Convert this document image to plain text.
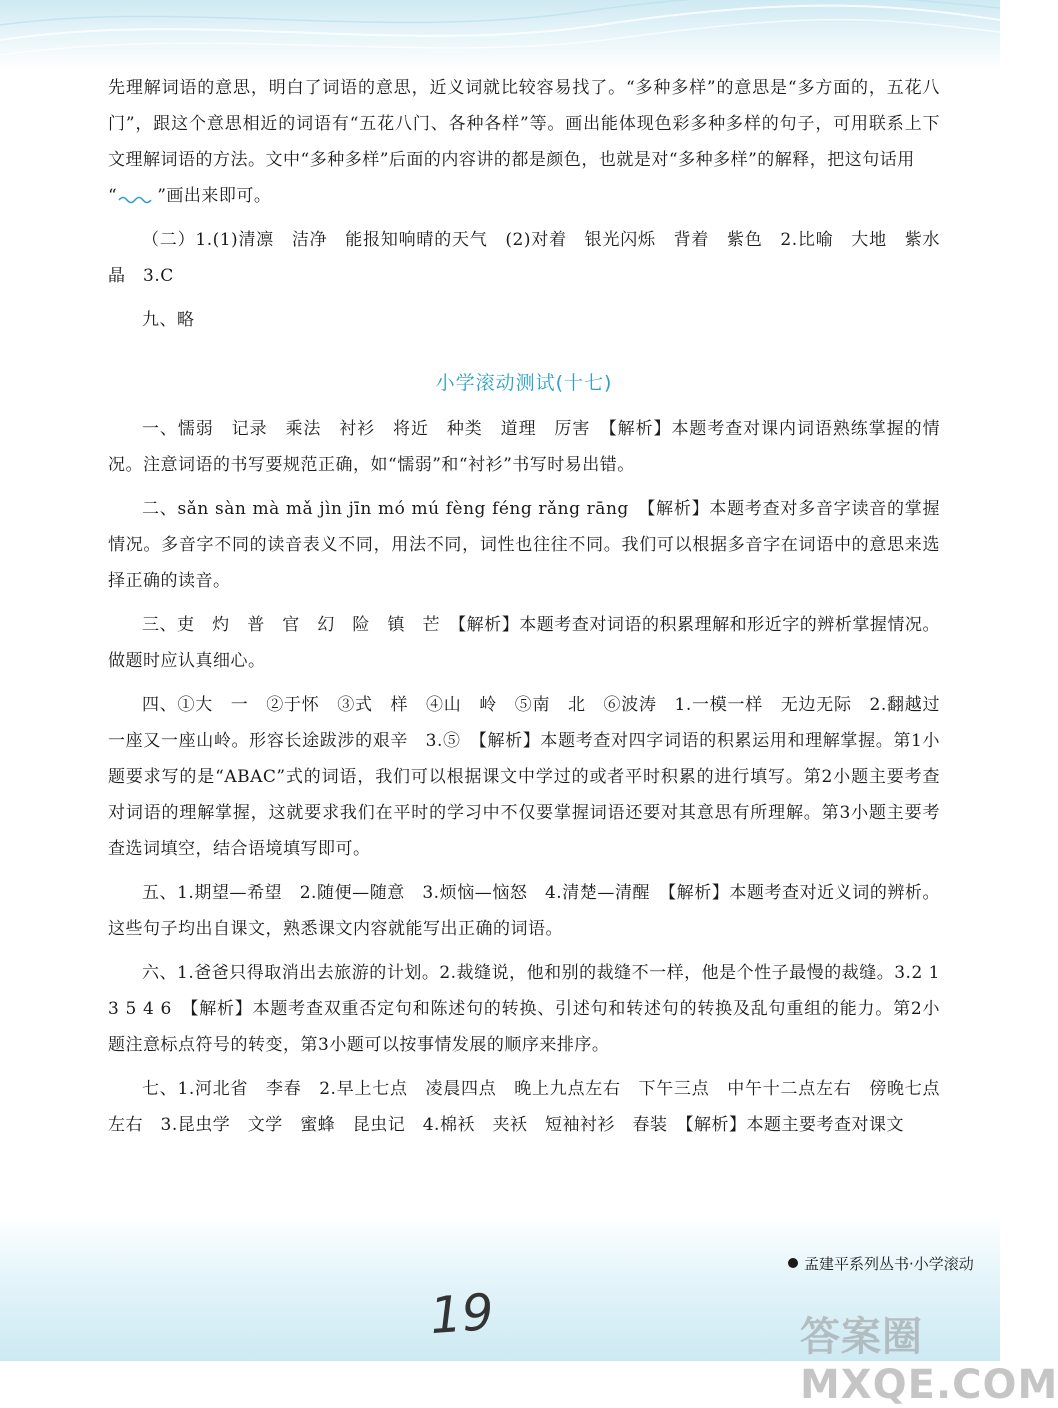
先理解词语的意思，明白了词语的意思，近义词就比较容易找了。“多种多样”的意思是“多方面的，五花八门”，跟这个意思相近的词语有“五花八门、各种各样”等。画出能体现色彩多种多样的句子，可用联系上下文理解词语的方法。文中“多种多样”后面的内容讲的都是颜色，也就是对“多种多样”的解释，把这句话用
“ ”画出来即可。

（二）1.(1)清凛　洁净　能报知响晴的天气　(2)对着　银光闪烁　背着　紫色　2.比喻　大地　紫水晶　3.C

九、略

小学滚动测试(十七)

一、懦弱　记录　乘法　衬衫　将近　种类　道理　厉害　【解析】本题考查对课内词语熟练掌握的情况。注意词语的书写要规范正确，如“懦弱”和“衬衫”书写时易出错。

二、sǎn sàn mà mǎ jìn jīn mó mú fèng féng rǎng rāng　【解析】本题考查对多音字读音的掌握情况。多音字不同的读音表义不同，用法不同，词性也往往不同。我们可以根据多音字在词语中的意思来选择正确的读音。

三、吏　灼　普　官　幻　险　镇　芒　【解析】本题考查对词语的积累理解和形近字的辨析掌握情况。做题时应认真细心。

四、①大　一　②于怀　③式　样　④山　岭　⑤南　北　⑥波涛　1.一模一样　无边无际　2.翻越过一座又一座山岭。形容长途跋涉的艰辛　3.⑤　【解析】本题考查对四字词语的积累运用和理解掌握。第1小题要求写的是“ABAC”式的词语，我们可以根据课文中学过的或者平时积累的进行填写。第2小题主要考查对词语的理解掌握，这就要求我们在平时的学习中不仅要掌握词语还要对其意思有所理解。第3小题主要考查选词填空，结合语境填写即可。

五、1.期望—希望　2.随便—随意　3.烦恼—恼怒　4.清楚—清醒　【解析】本题考查对近义词的辨析。这些句子均出自课文，熟悉课文内容就能写出正确的词语。

六、1.爸爸只得取消出去旅游的计划。2.裁缝说，他和别的裁缝不一样，他是个性子最慢的裁缝。3.2 1 3 5 4 6　【解析】本题考查双重否定句和陈述句的转换、引述句和转述句的转换及乱句重组的能力。第2小题注意标点符号的转变，第3小题可以按事情发展的顺序来排序。

七、1.河北省　李春　2.早上七点　凌晨四点　晚上九点左右　下午三点　中午十二点左右　傍晚七点左右　3.昆虫学　文学　蜜蜂　昆虫记　4.棉袄　夹袄　短袖衬衫　春装　【解析】本题主要考查对课文

孟建平系列丛书·小学滚动
19	答案圈 MXQE.COM
